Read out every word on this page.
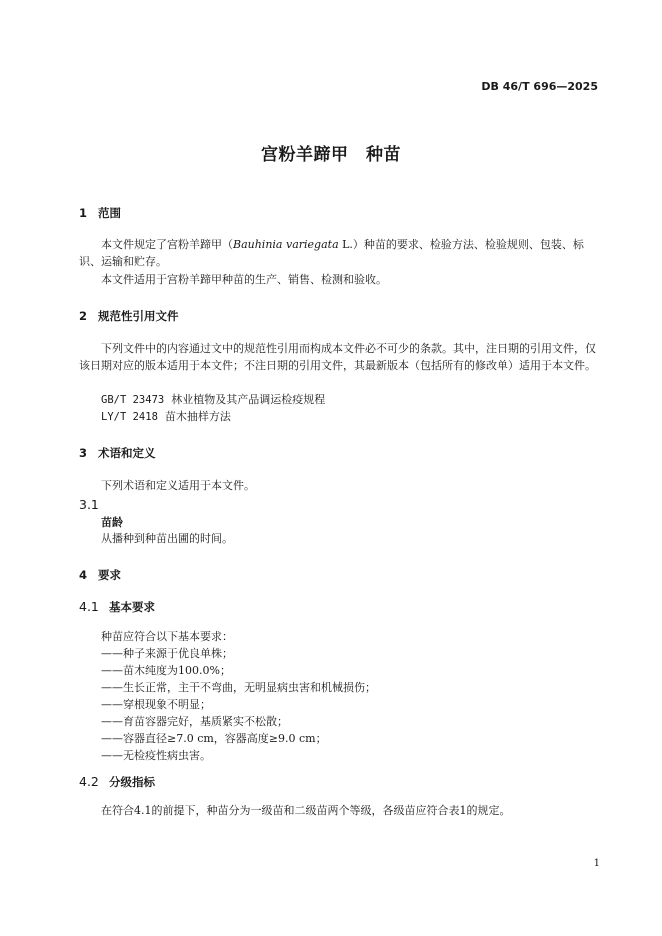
DB 46/T 696—2025
宫粉羊蹄甲　种苗
1 范围
本文件规定了宫粉羊蹄甲（Bauhinia variegata L.）种苗的要求、检验方法、检验规则、包装、标识、运输和贮存。
本文件适用于宫粉羊蹄甲种苗的生产、销售、检测和验收。
2 规范性引用文件
下列文件中的内容通过文中的规范性引用而构成本文件必不可少的条款。其中，注日期的引用文件，仅该日期对应的版本适用于本文件；不注日期的引用文件，其最新版本（包括所有的修改单）适用于本文件。
GB/T 23473 林业植物及其产品调运检疫规程
LY/T 2418 苗木抽样方法
3 术语和定义
下列术语和定义适用于本文件。
3.1
苗龄
从播种到种苗出圃的时间。
4 要求
4.1 基本要求
种苗应符合以下基本要求：
——种子来源于优良单株；
——苗木纯度为100.0%；
——生长正常，主干不弯曲，无明显病虫害和机械损伤；
——穿根现象不明显；
——育苗容器完好，基质紧实不松散；
——容器直径≥7.0 cm，容器高度≥9.0 cm；
——无检疫性病虫害。
4.2 分级指标
在符合4.1的前提下，种苗分为一级苗和二级苗两个等级，各级苗应符合表1的规定。
1
